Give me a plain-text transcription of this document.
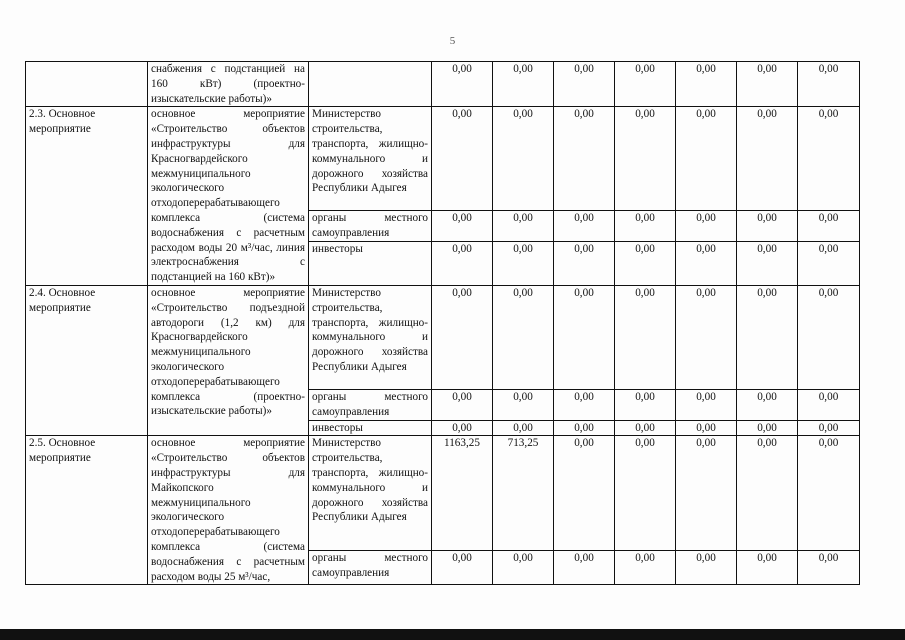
5
	снабжения с подстанцией на 160 кВт) (проектно-изыскательские работы)»		0,00	0,00	0,00	0,00	0,00	0,00	0,00
2.3. Основное мероприятие	основное мероприятие «Строительство объектов инфраструктуры для Красногвардейского межмуниципального экологического отходоперерабатывающего комплекса (система водоснабжения с расчетным расходом воды 20 м³/час, линия электроснабжения с подстанцией на 160 кВт)»	Министерство строительства, транспорта, жилищно-коммунального и дорожного хозяйства Республики Адыгея	0,00	0,00	0,00	0,00	0,00	0,00	0,00
		органы местного самоуправления	0,00	0,00	0,00	0,00	0,00	0,00	0,00
		инвесторы	0,00	0,00	0,00	0,00	0,00	0,00	0,00
2.4. Основное мероприятие	основное мероприятие «Строительство подъездной автодороги (1,2 км) для Красногвардейского межмуниципального экологического отходоперерабатывающего комплекса (проектно-изыскательские работы)»	Министерство строительства, транспорта, жилищно-коммунального и дорожного хозяйства Республики Адыгея	0,00	0,00	0,00	0,00	0,00	0,00	0,00
		органы местного самоуправления	0,00	0,00	0,00	0,00	0,00	0,00	0,00
		инвесторы	0,00	0,00	0,00	0,00	0,00	0,00	0,00
2.5. Основное мероприятие	основное мероприятие «Строительство объектов инфраструктуры для Майкопского межмуниципального экологического отходоперерабатывающего комплекса (система водоснабжения с расчетным расходом воды 25 м³/час,	Министерство строительства, транспорта, жилищно-коммунального и дорожного хозяйства Республики Адыгея	1163,25	713,25	0,00	0,00	0,00	0,00	0,00
		органы местного самоуправления	0,00	0,00	0,00	0,00	0,00	0,00	0,00
